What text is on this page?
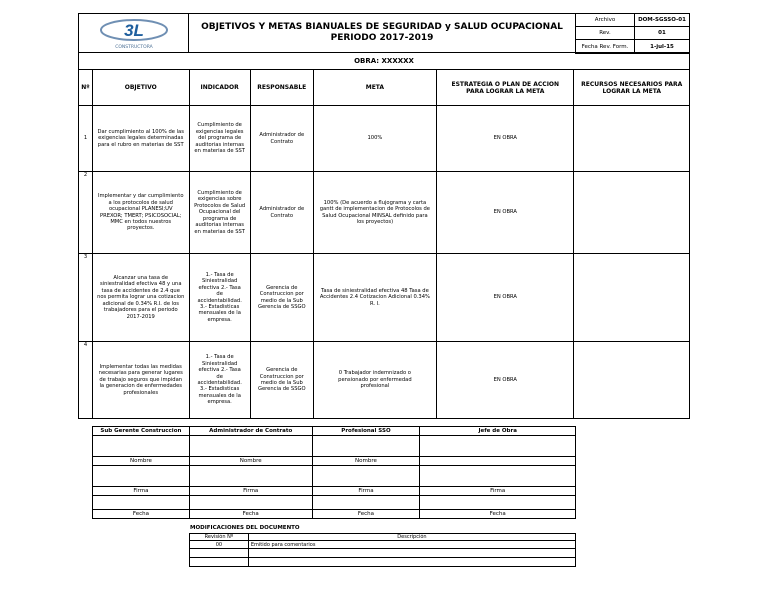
3L
CONSTRUCTORA
OBJETIVOS Y METAS BIANUALES DE SEGURIDAD y SALUD OCUPACIONAL
PERIODO 2017-2019
Archivo	DOM-SGSSO-01
Rev.	01
Fecha Rev. Form.	1-jul-15
OBRA: XXXXXX
Nº	OBJETIVO	INDICADOR	RESPONSABLE	META	ESTRATEGIA O PLAN DE ACCION PARA LOGRAR LA META	RECURSOS NECESARIOS PARA LOGRAR LA META
1	Dar cumplimiento al 100% de las exigencias legales determinadas para el rubro en materias de SST	Cumplimiento de exigencias legales del programa de auditorias internas en materias de SST	Administrador de Contrato	100%	EN OBRA	
2	Implementar y dar cumplimiento a los protocolos de salud ocupacional PLANESI;UV PREXOR; TMERT; PSICOSOCIAL; MMC en todos nuestros proyectos.	Cumplimiento de exigencias sobre Protocolos de Salud Ocupacional del programa de auditorias internas en materias de SST	Administrador de Contrato	100% (De acuerdo a flujograma y carta gantt de implementacion de Protocolos de Salud Ocupacional MINSAL definido para los proyectos)	EN OBRA	
3	Alcanzar una tasa de siniestralidad efectiva 48 y una tasa de accidentes de 2.4 que nos permita lograr una cotizacion adicional de 0.34% R.I. de los trabajadores para el periodo 2017-2019	1.- Tasa de Siniestralidad efectiva 2.- Tasa de accidentabilidad. 3.- Estadisticas mensuales de la empresa.	Gerencia de Construccion por medio de la Sub Gerencia de SSGO	Tasa de siniestralidad efectiva 48 Tasa de Accidentes 2.4 Cotizacion Adicional 0.34% R. I.	EN OBRA	
4	Implementar todas las medidas necesarias para generar lugares de trabajo seguros que impidan la generacion de enfermedades profesionales	1.- Tasa de Siniestralidad efectiva 2.- Tasa de accidentabilidad. 3.- Estadisticas mensuales de la empresa.	Gerencia de Construccion por medio de la Sub Gerencia de SSGO	0 Trabajador indemnizado o pensionado por enfermedad profesional	EN OBRA	
Sub Gerente Construccion	Administrador de Contrato	Profesional SSO	Jefe de Obra

Nombre	Nombre	Nombre	

Firma	Firma	Firma	Firma

Fecha	Fecha	Fecha	Fecha
MODIFICACIONES DEL DOCUMENTO
Revisión Nº	Descripción
00	Emitido para comentarios
